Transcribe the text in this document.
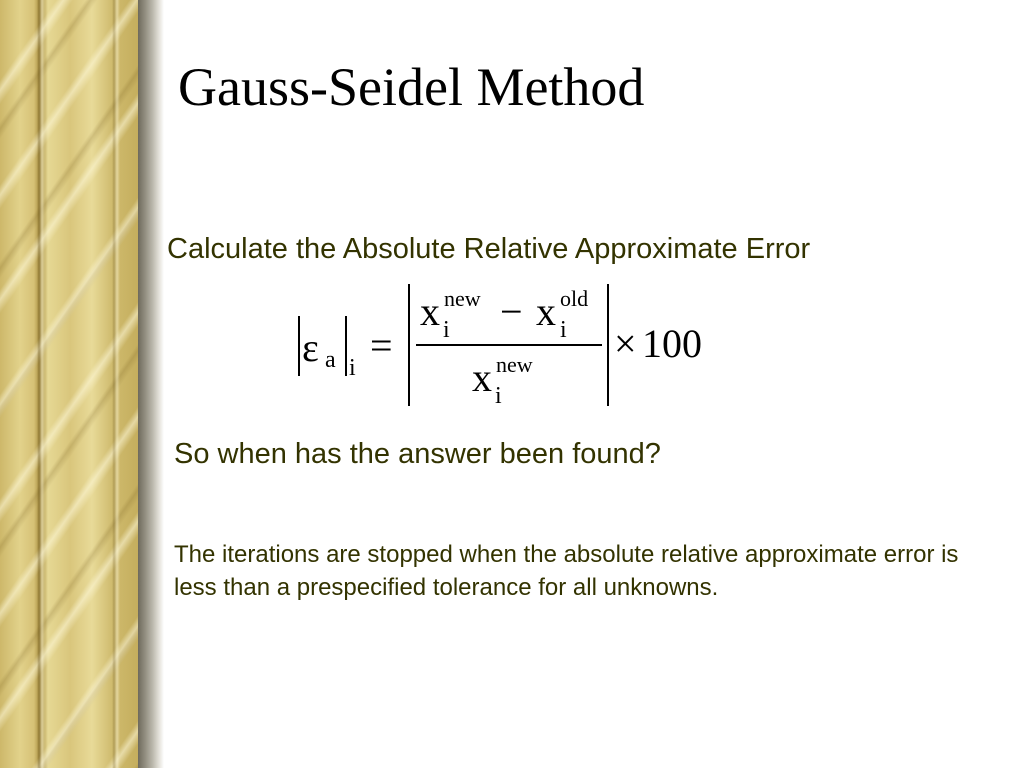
Gauss-Seidel Method

Calculate the Absolute Relative Approximate Error

ε a i =
x new
i − x old
i
x new
i
× 100

So when has the answer been found?

The iterations are stopped when the absolute relative approximate error is less than a prespecified tolerance for all unknowns.
